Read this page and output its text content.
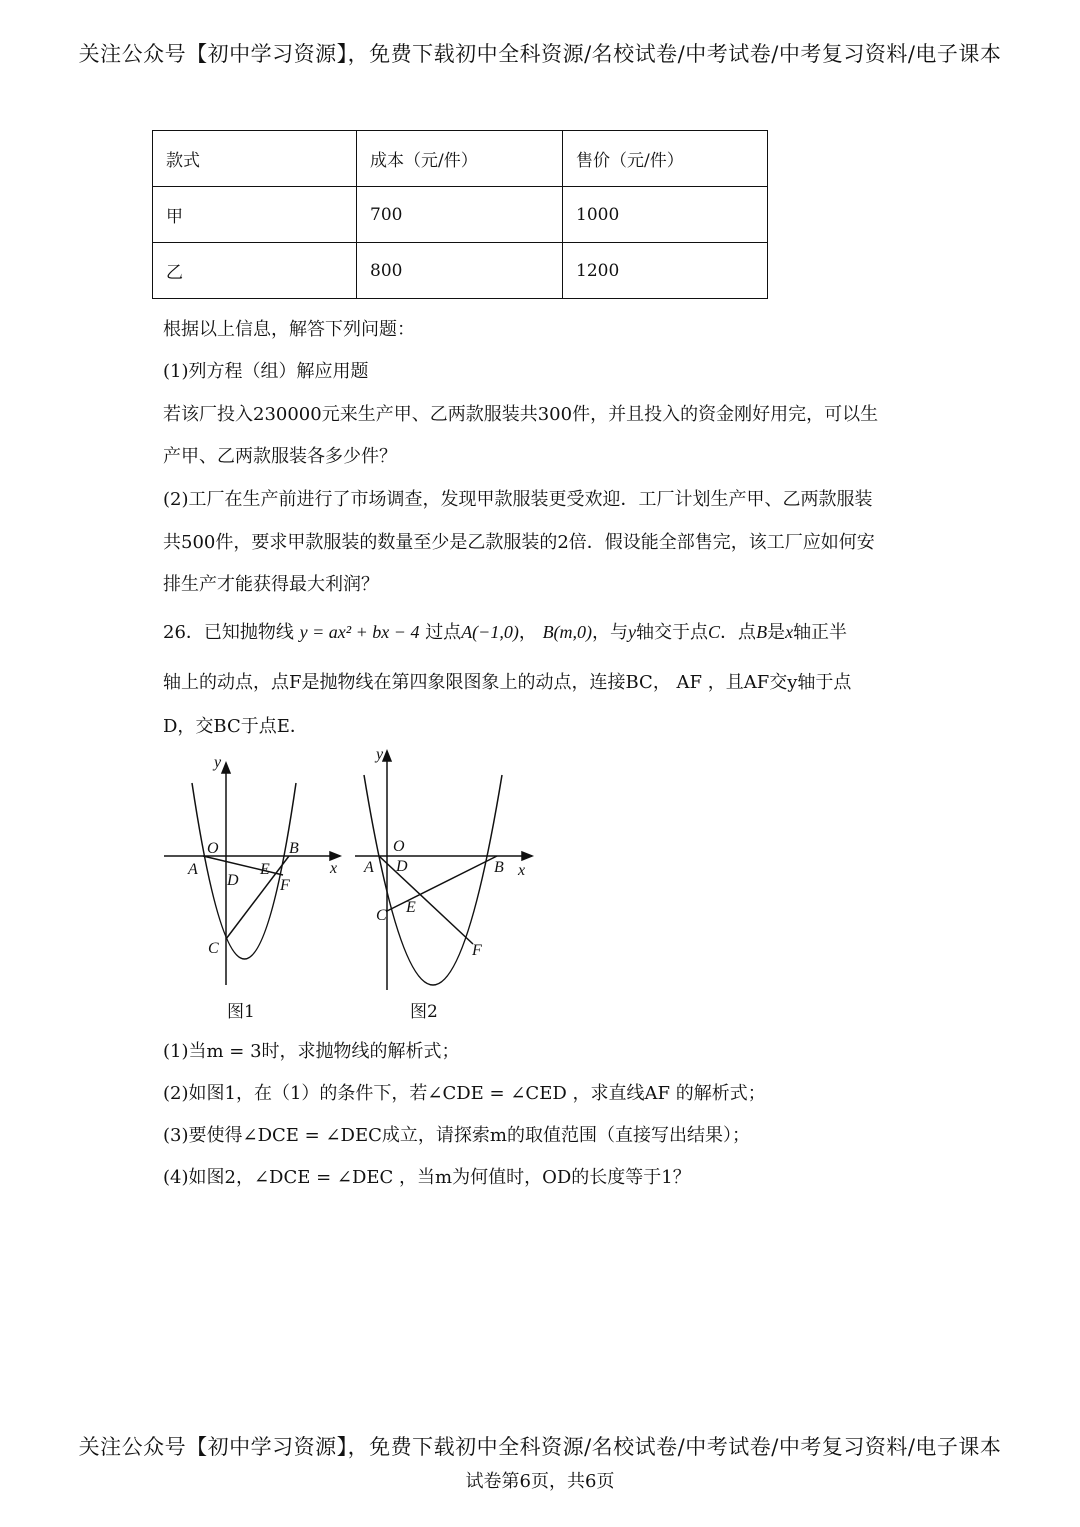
关注公众号【初中学习资源】，免费下载初中全科资源/名校试卷/中考试卷/中考复习资料/电子课本
款式	成本（元/件）	售价（元/件）
甲	700	1000
乙	800	1200
根据以上信息，解答下列问题：
(1)列方程（组）解应用题
若该厂投入230000元来生产甲、乙两款服装共300件，并且投入的资金刚好用完，可以生
产甲、乙两款服装各多少件？
(2)工厂在生产前进行了市场调查，发现甲款服装更受欢迎．工厂计划生产甲、乙两款服装
共500件，要求甲款服装的数量至少是乙款服装的2倍．假设能全部售完，该工厂应如何安
排生产才能获得最大利润？
26．已知抛物线 y = ax² + bx − 4 过点A(−1,0)， B(m,0)，与y轴交于点C．点B是x轴正半
轴上的动点，点F是抛物线在第四象限图象上的动点，连接BC， AF ，且AF交y轴于点
D，交BC于点E．
y
O	B
x
A
D
E
F
C
y
O
D
A	B x
C E
F
图1	图2
(1)当m = 3时，求抛物线的解析式；
(2)如图1，在（1）的条件下，若∠CDE = ∠CED ，求直线AF 的解析式；
(3)要使得∠DCE = ∠DEC成立，请探索m的取值范围（直接写出结果）；
(4)如图2，∠DCE = ∠DEC ，当m为何值时，OD的长度等于1？
关注公众号【初中学习资源】，免费下载初中全科资源/名校试卷/中考试卷/中考复习资料/电子课本
试卷第6页，共6页
